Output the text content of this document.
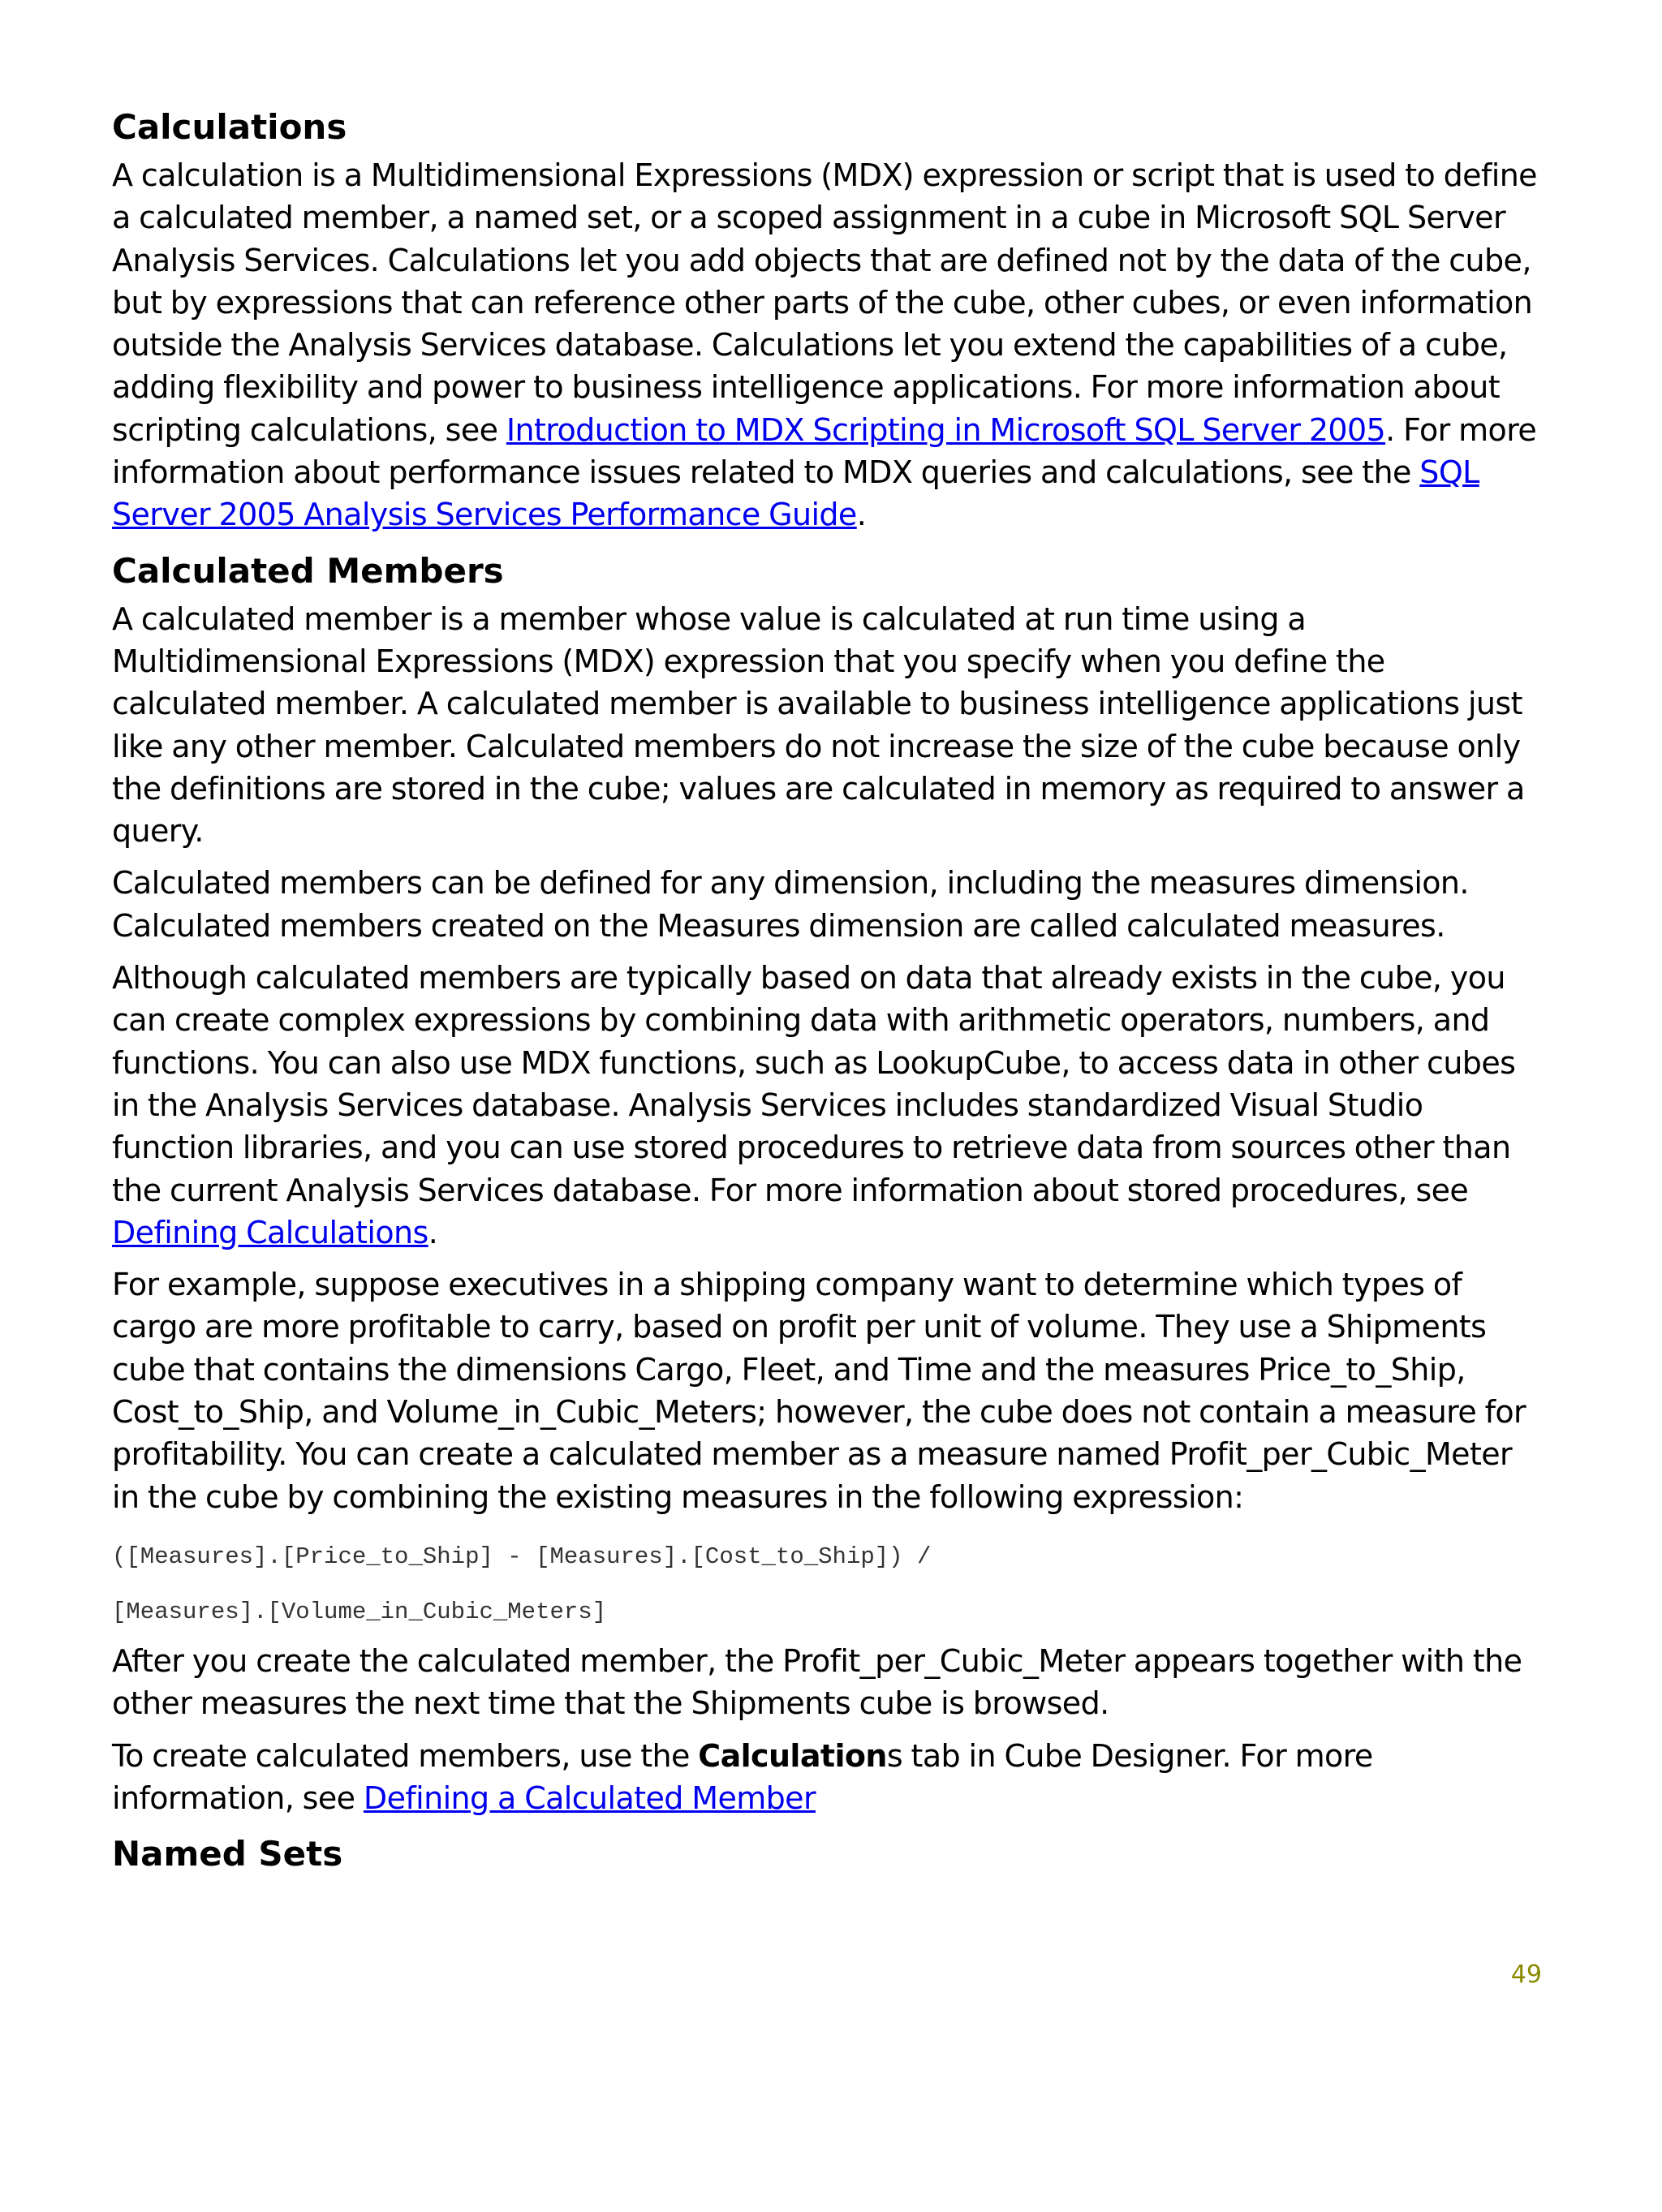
Calculations

A calculation is a Multidimensional Expressions (MDX) expression or script that is used to define a calculated member, a named set, or a scoped assignment in a cube in Microsoft SQL Server Analysis Services. Calculations let you add objects that are defined not by the data of the cube, but by expressions that can reference other parts of the cube, other cubes, or even information outside the Analysis Services database. Calculations let you extend the capabilities of a cube, adding flexibility and power to business intelligence applications. For more information about scripting calculations, see Introduction to MDX Scripting in Microsoft SQL Server 2005. For more information about performance issues related to MDX queries and calculations, see the SQL Server 2005 Analysis Services Performance Guide.

Calculated Members

A calculated member is a member whose value is calculated at run time using a Multidimensional Expressions (MDX) expression that you specify when you define the calculated member. A calculated member is available to business intelligence applications just like any other member. Calculated members do not increase the size of the cube because only the definitions are stored in the cube; values are calculated in memory as required to answer a query.

Calculated members can be defined for any dimension, including the measures dimension. Calculated members created on the Measures dimension are called calculated measures.

Although calculated members are typically based on data that already exists in the cube, you can create complex expressions by combining data with arithmetic operators, numbers, and functions. You can also use MDX functions, such as LookupCube, to access data in other cubes in the Analysis Services database. Analysis Services includes standardized Visual Studio function libraries, and you can use stored procedures to retrieve data from sources other than the current Analysis Services database. For more information about stored procedures, see Defining Calculations.

For example, suppose executives in a shipping company want to determine which types of cargo are more profitable to carry, based on profit per unit of volume. They use a Shipments cube that contains the dimensions Cargo, Fleet, and Time and the measures Price_to_Ship, Cost_to_Ship, and Volume_in_Cubic_Meters; however, the cube does not contain a measure for profitability. You can create a calculated member as a measure named Profit_per_Cubic_Meter in the cube by combining the existing measures in the following expression:

([Measures].[Price_to_Ship] - [Measures].[Cost_to_Ship]) /
[Measures].[Volume_in_Cubic_Meters]

After you create the calculated member, the Profit_per_Cubic_Meter appears together with the other measures the next time that the Shipments cube is browsed.

To create calculated members, use the Calculations tab in Cube Designer. For more information, see Defining a Calculated Member

Named Sets
49
